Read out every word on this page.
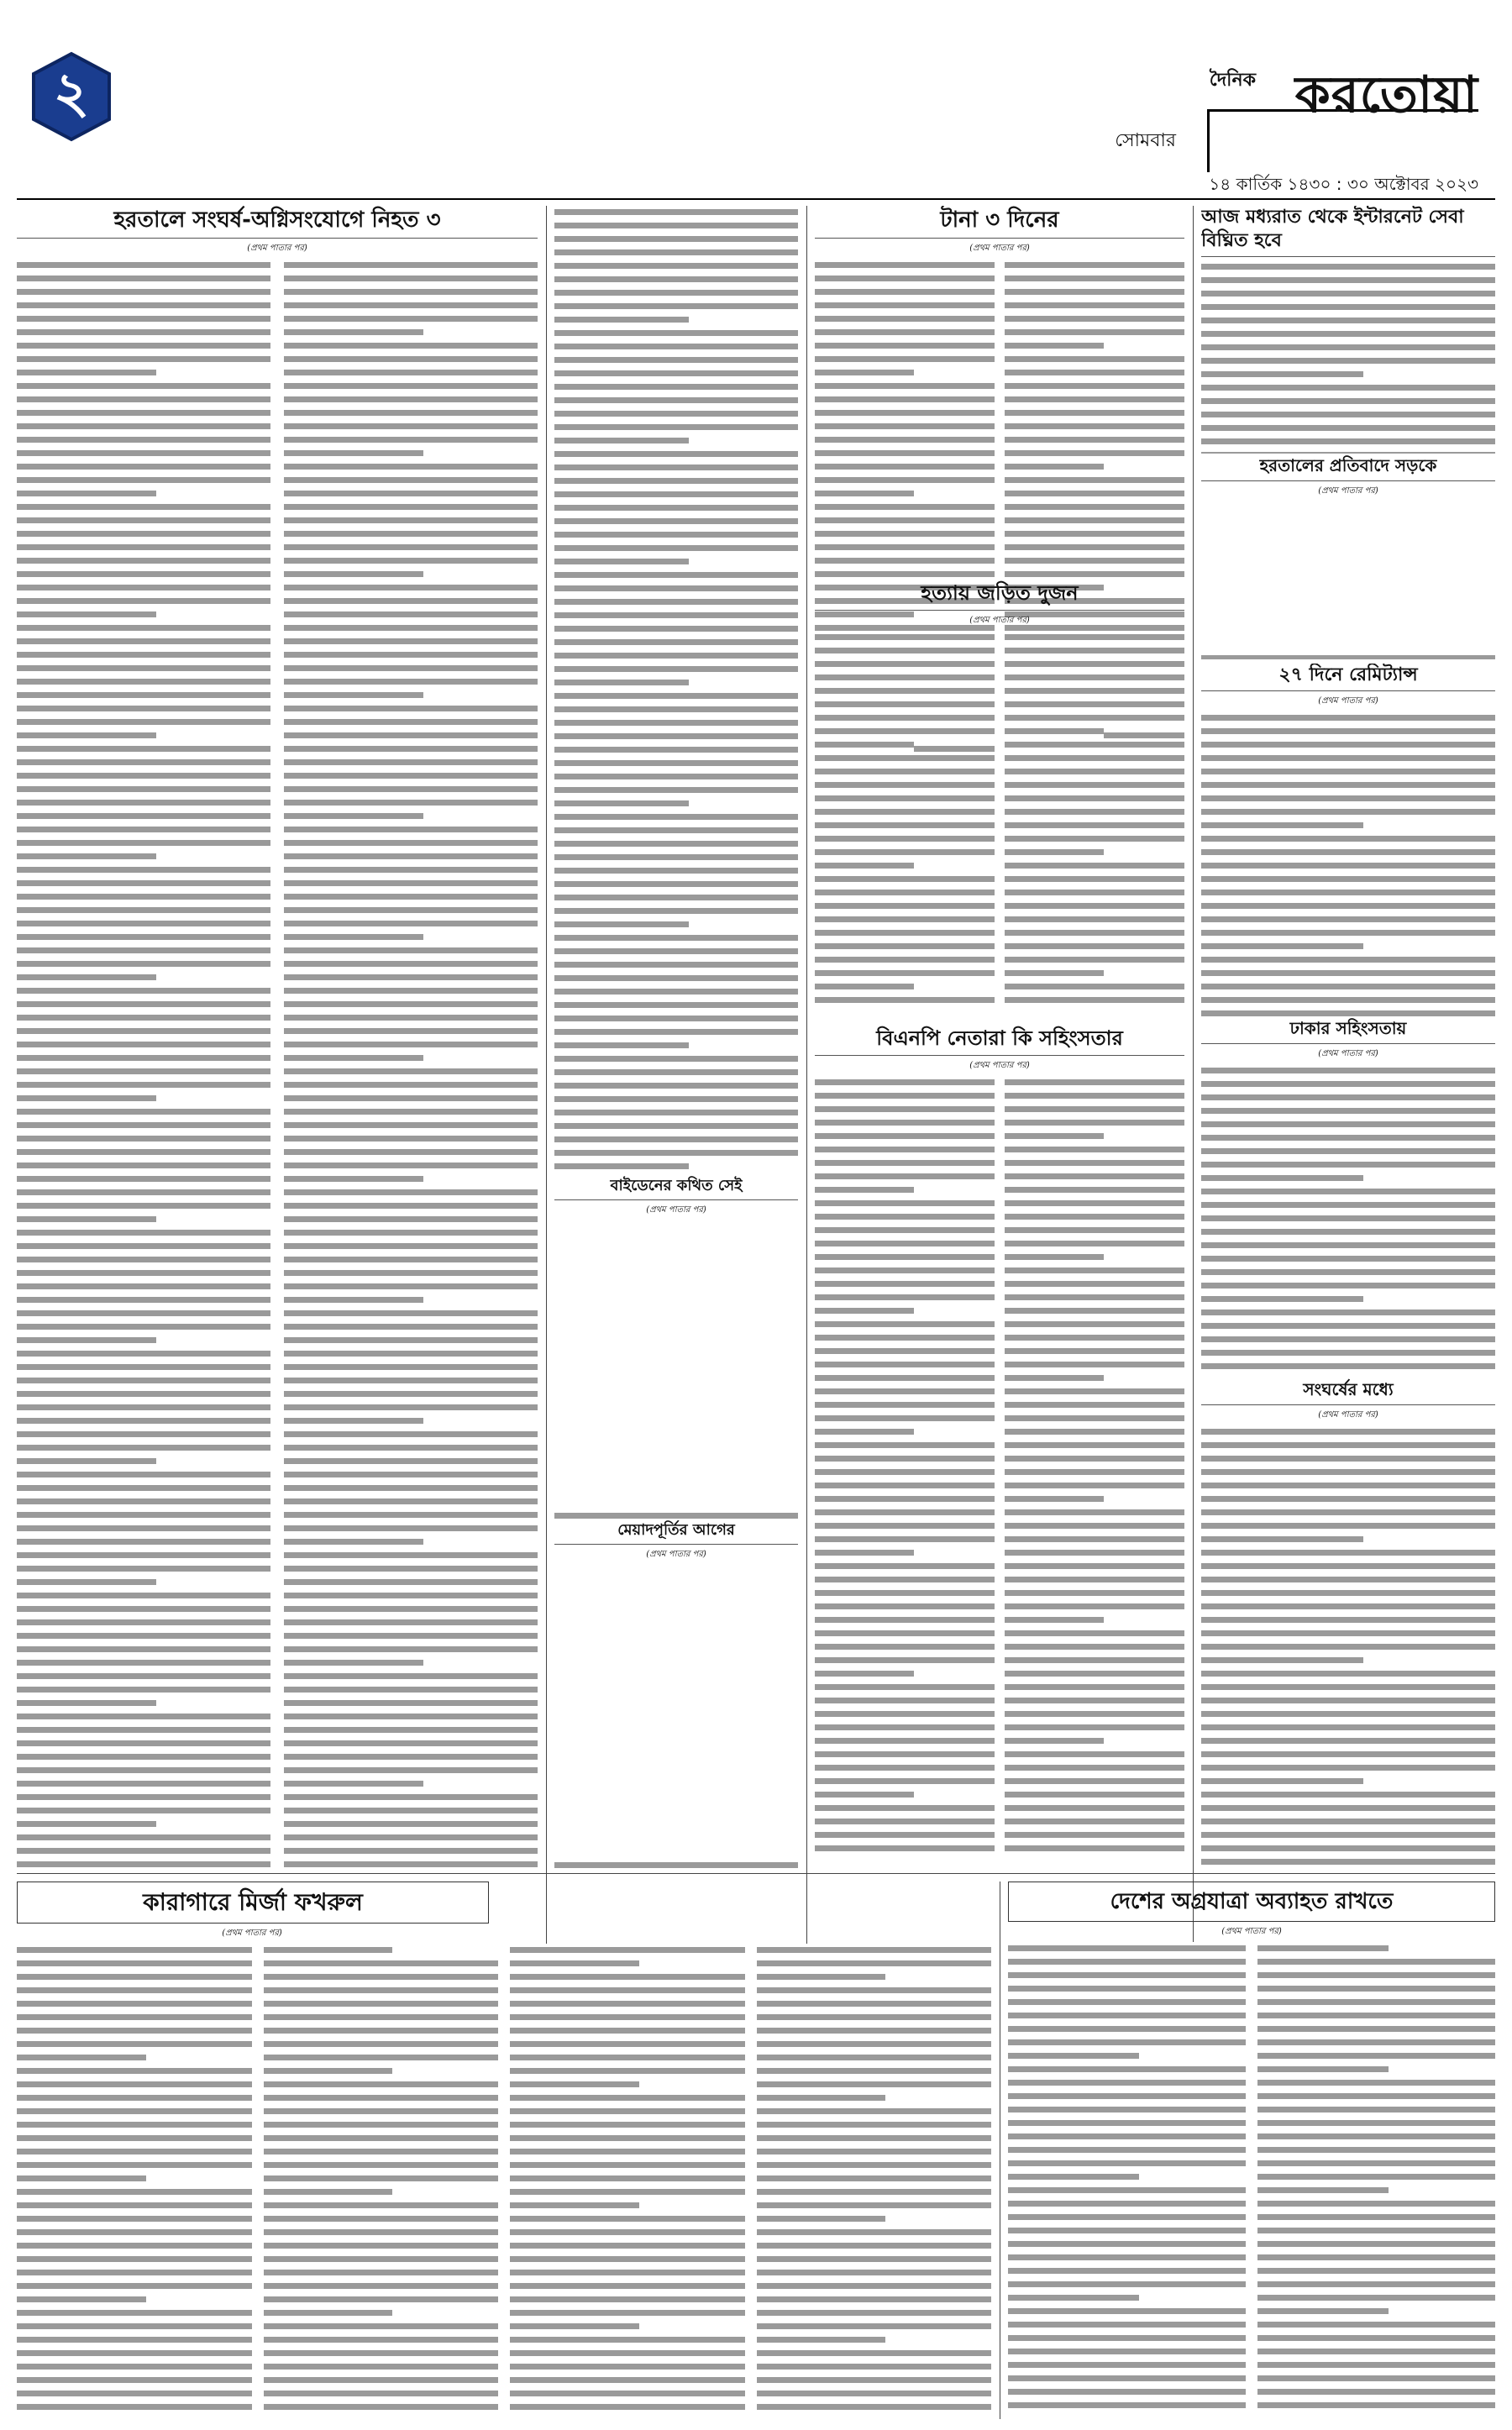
২
সোমবার
দৈনিক করতোয়া
১৪ কার্তিক ১৪৩০ : ৩০ অক্টোবর ২০২৩
হরতালে সংঘর্ষ-অগ্নিসংযোগে নিহত ৩
(প্রথম পাতার পর)
টানা ৩ দিনের
(প্রথম পাতার পর)
হত্যায় জড়িত দুজন
(প্রথম পাতার পর)
বিএনপি নেতারা কি সহিংসতার
(প্রথম পাতার পর)
আজ মধ্যরাত থেকে ইন্টারনেট সেবা বিঘ্নিত হবে
২৭ দিনে রেমিট্যান্স
(প্রথম পাতার পর)
ঢাকার সহিংসতায়
(প্রথম পাতার পর)
সংঘর্ষের মধ্যে
(প্রথম পাতার পর)
কারাগারে মির্জা ফখরুল
(প্রথম পাতার পর)
দেশের অগ্রযাত্রা অব্যাহত রাখতে
(প্রথম পাতার পর)
হরতালের প্রতিবাদে সড়কে
(প্রথম পাতার পর)
বাইডেনের কথিত সেই
(প্রথম পাতার পর)
মেয়াদপূর্তির আগের
(প্রথম পাতার পর)
